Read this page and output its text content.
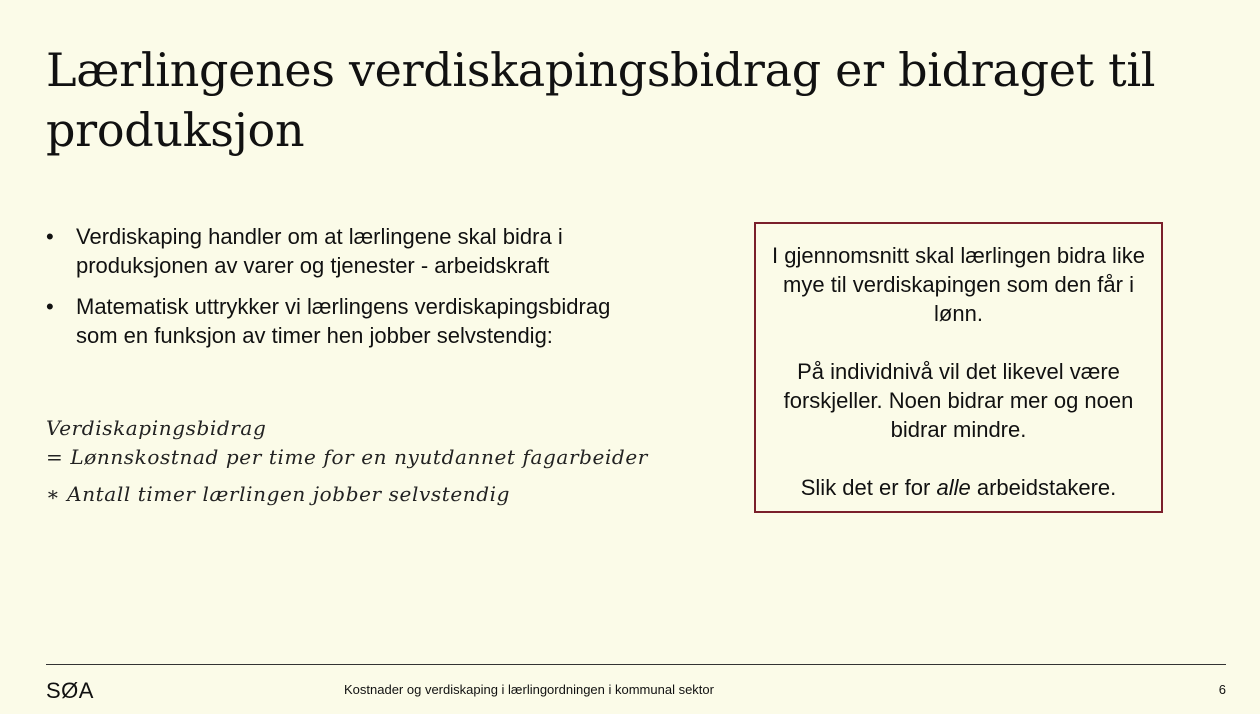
Lærlingenes verdiskapingsbidrag er bidraget til produksjon
• Verdiskaping handler om at lærlingene skal bidra i produksjonen av varer og tjenester - arbeidskraft
• Matematisk uttrykker vi lærlingens verdiskapingsbidrag som en funksjon av timer hen jobber selvstendig:
Verdiskapingsbidrag
= Lønnskostnad per time for en nyutdannet fagarbeider
∗ Antall timer lærlingen jobber selvstendig

I gjennomsnitt skal lærlingen bidra like mye til verdiskapingen som den får i lønn.

På individnivå vil det likevel være forskjeller. Noen bidrar mer og noen bidrar mindre.

Slik det er for alle arbeidstakere.

SØA	Kostnader og verdiskaping i lærlingordningen i kommunal sektor	6
